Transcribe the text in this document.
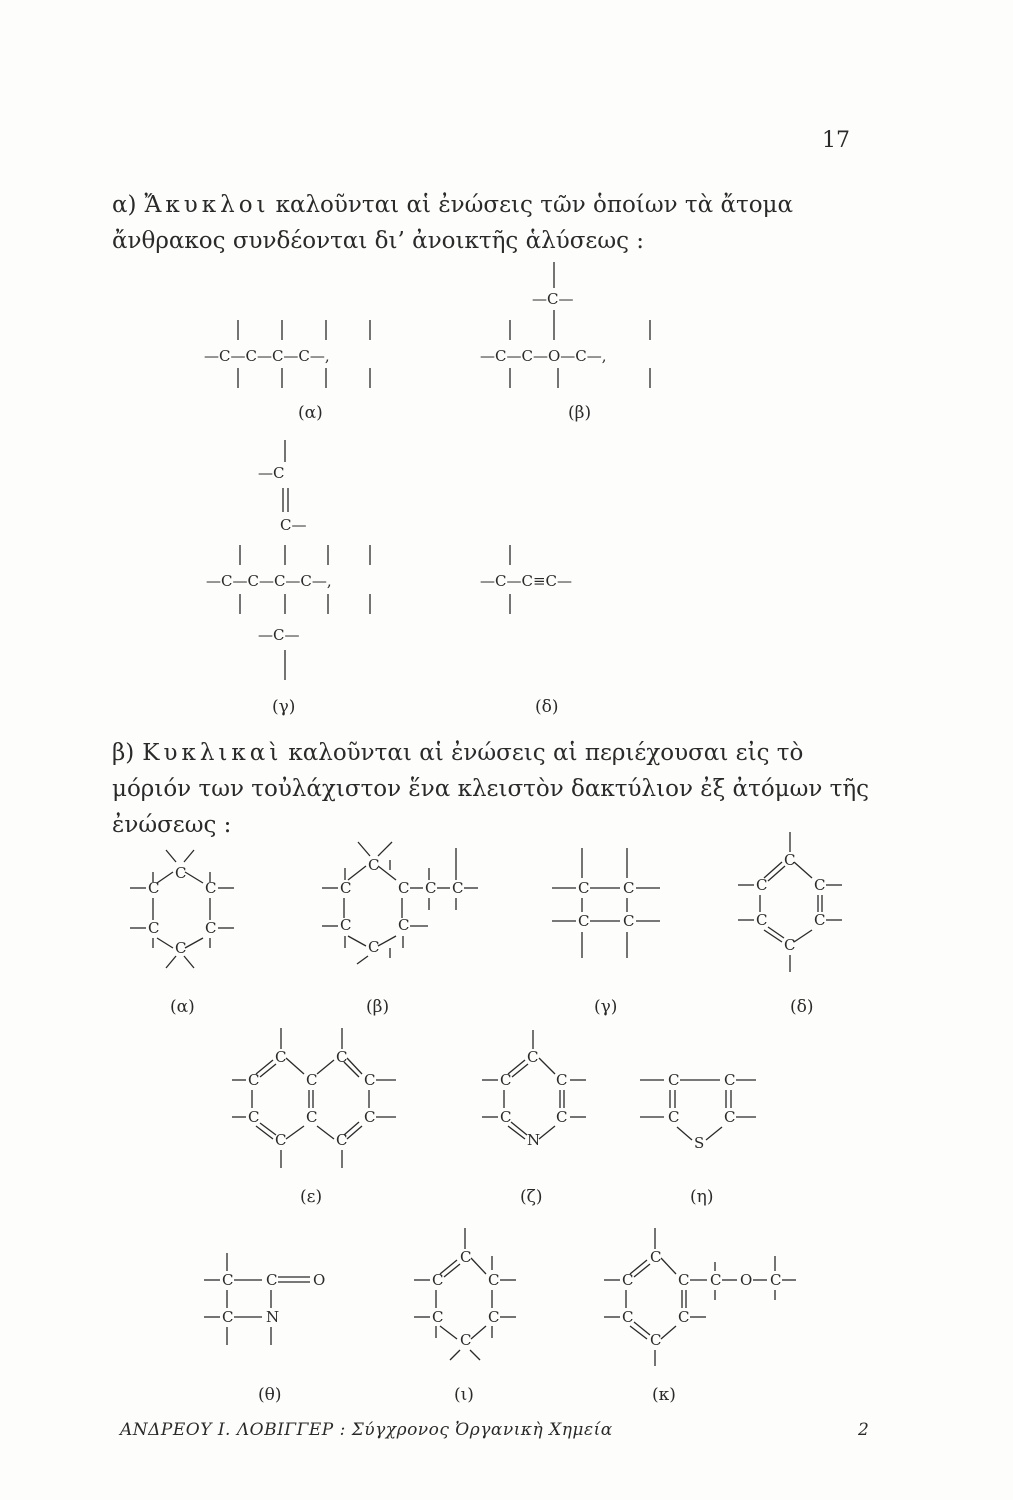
17
α) Ἄκυκλοι καλοῦνται αἱ ἐνώσεις τῶν ὁποίων τὰ ἄτομα ἄνθρακος συνδέονται δι’ ἀνοικτῆς ἁλύσεως :
β) Κυκλικαὶ καλοῦνται αἱ ἐνώσεις αἱ περιέχουσαι εἰς τὸ μόριόν των τοὐλάχιστον ἕνα κλειστὸν δακτύλιον ἐξ ἀτόμων τῆς ἐνώσεως :
—C—C—C—C—,
(α)
—C—
—C—C—O—C—,
(β)
—C
C—
—C—C—C—C—,
—C—
(γ)
—C—C≡C—
(δ)
C
C	C
C	C
C
(α)
C
C	C
C	C
C
C C
(β)
C C
C C
(γ)
C
C	C
C	C
C
(δ)
C
C	C
C	C
C
C
C
C
C
(ε)
C
C	C
C	C
N
(ζ)
C	C
C	C
S
(η)
C C O
C N
(θ)
C
C	C
C	C
C
(ι)
C
C	C
C	C
C
C O C
(κ)
ΑΝΔΡΕΟΥ Ι. ΛΟΒΙΓΓΕΡ : Σύγχρονος Ὀργανικὴ Χημεία	2
